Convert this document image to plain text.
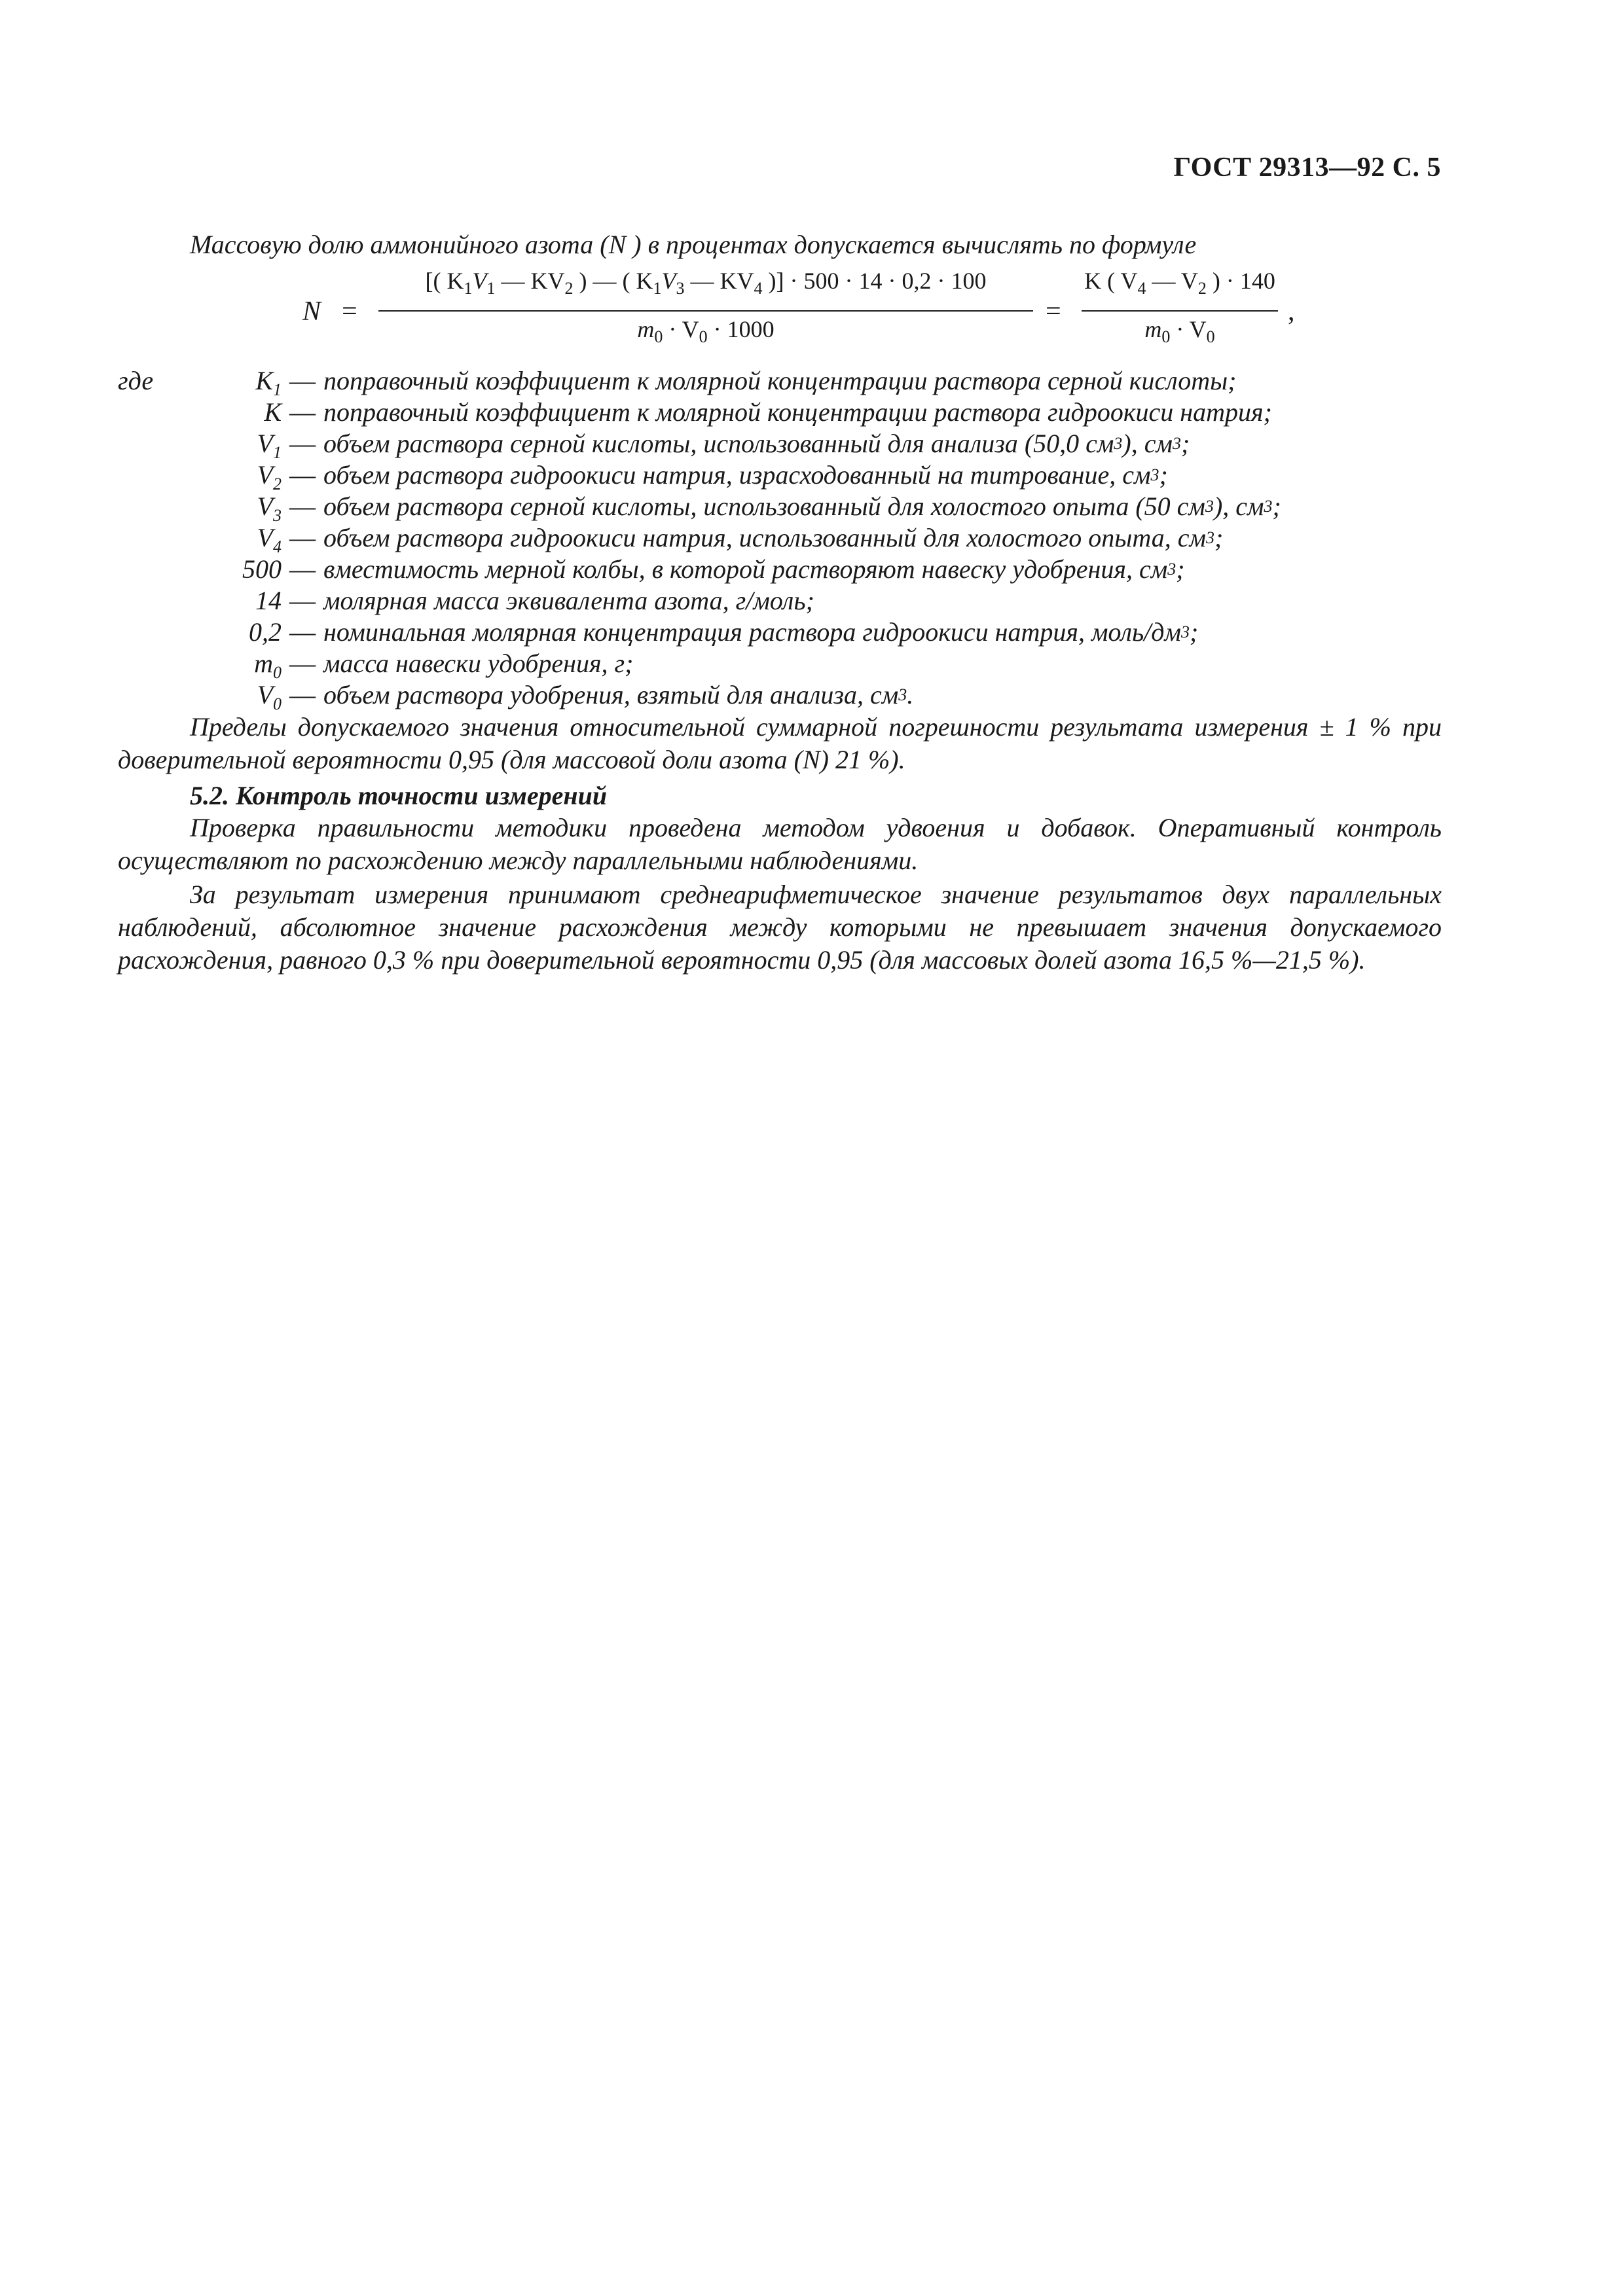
ГОСТ 29313—92 С. 5
Массовую долю аммонийного азота (N ) в процентах допускается вычислять по формуле
N =
[( $K_1V_1$ — $KV_2$ ) — ( $K_1V_3$ — $KV_4$ )] · 500 · 14 · 0,2 · 100
$m_0 \cdot V_0 \cdot 1000$
=
K ( $V_4$ — $V_2$ ) · 140
$m_0 \cdot V_0$
,
где	$K_1$ — поправочный коэффициент к молярной концентрации раствора серной кислоты;
K — поправочный коэффициент к молярной концентрации раствора гидроокиси натрия;
$V_1$ — объем раствора серной кислоты, использованный для анализа (50,0 см 3 ), см 3 ;
$V_2$ — объем раствора гидроокиси натрия, израсходованный на титрование, см 3 ;
$V_3$ — объем раствора серной кислоты, использованный для холостого опыта (50 см 3 ), см 3 ;
$V_4$ — объем раствора гидроокиси натрия, использованный для холостого опыта, см 3 ;
500 — вместимость мерной колбы, в которой растворяют навеску удобрения, см 3 ;
14 — молярная масса эквивалента азота, г/моль;
0,2 — номинальная молярная концентрация раствора гидроокиси натрия, моль/дм 3 ;
$m_0$ — масса навески удобрения, г;
$V_0$ — объем раствора удобрения, взятый для анализа, см 3 .
Пределы допускаемого значения относительной суммарной погрешности результата измерения ± 1 % при доверительной вероятности 0,95 (для массовой доли азота (N) 21 %).
5.2. Контроль точности измерений
Проверка правильности методики проведена методом удвоения и добавок. Оперативный контроль осуществляют по расхождению между параллельными наблюдениями.
За результат измерения принимают среднеарифметическое значение результатов двух параллельных наблюдений, абсолютное значение расхождения между которыми не превышает значения допускаемого расхождения, равного 0,3 % при доверительной вероятности 0,95 (для массовых долей азота 16,5 %—21,5 %).
